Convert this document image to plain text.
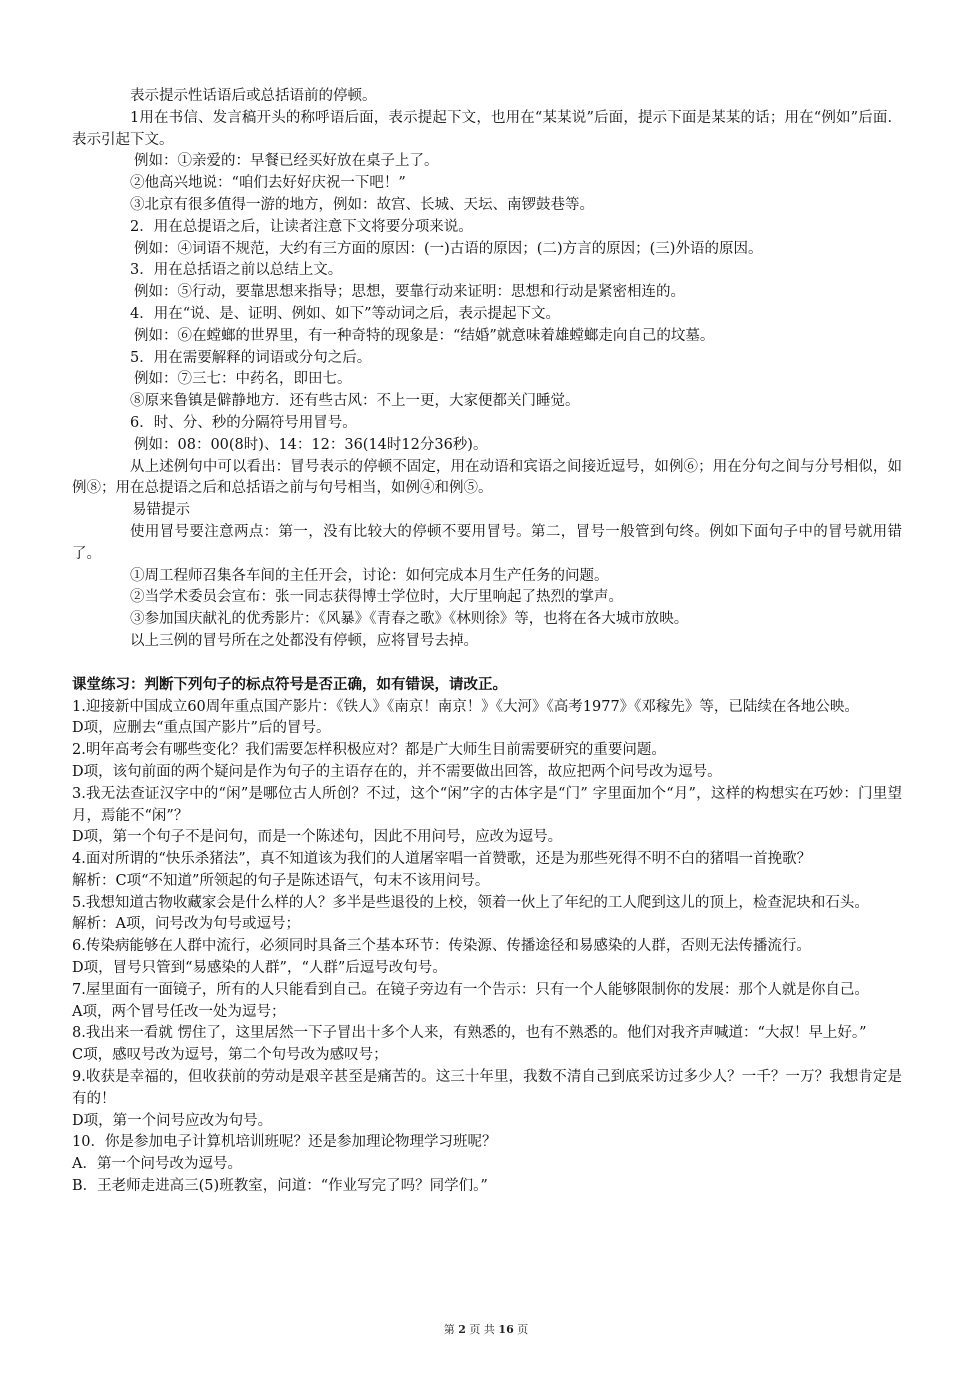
表示提示性话语后或总括语前的停顿。
1用在书信、发言稿开头的称呼语后面，表示提起下文，也用在“某某说”后面，提示下面是某某的话；用在“例如”后面．表示引起下文。
例如：①亲爱的：早餐已经买好放在桌子上了。
②他高兴地说：“咱们去好好庆祝一下吧！”
③北京有很多值得一游的地方，例如：故宫、长城、天坛、南锣鼓巷等。
2．用在总提语之后，让读者注意下文将要分项来说。
例如：④词语不规范，大约有三方面的原因：(一)古语的原因；(二)方言的原因；(三)外语的原因。
3．用在总括语之前以总结上文。
例如：⑤行动，要靠思想来指导；思想，要靠行动来证明：思想和行动是紧密相连的。
4．用在“说、是、证明、例如、如下”等动词之后，表示提起下文。
例如：⑥在螳螂的世界里，有一种奇特的现象是：“结婚”就意味着雄螳螂走向自己的坟墓。
5．用在需要解释的词语或分句之后。
例如：⑦三七：中药名，即田七。
⑧原来鲁镇是僻静地方．还有些古风：不上一更，大家便都关门睡觉。
6．时、分、秒的分隔符号用冒号。
例如：08：00(8时)、14：12：36(14时12分36秒)。
从上述例句中可以看出：冒号表示的停顿不固定，用在动语和宾语之间接近逗号，如例⑥；用在分句之间与分号相似，如例⑧；用在总提语之后和总括语之前与句号相当，如例④和例⑤。
易错提示
使用冒号要注意两点：第一，没有比较大的停顿不要用冒号。第二，冒号一般管到句终。例如下面句子中的冒号就用错了。
①周工程师召集各车间的主任开会，讨论：如何完成本月生产任务的问题。
②当学术委员会宣布：张一同志获得博士学位时，大厅里响起了热烈的掌声。
③参加国庆献礼的优秀影片：《风暴》《青春之歌》《林则徐》等，也将在各大城市放映。
以上三例的冒号所在之处都没有停顿，应将冒号去掉。
课堂练习：判断下列句子的标点符号是否正确，如有错误，请改正。
1.迎接新中国成立60周年重点国产影片：《铁人》《南京！南京！》《大河》《高考1977》《邓稼先》等，已陆续在各地公映。
D项，应删去“重点国产影片”后的冒号。
2.明年高考会有哪些变化？我们需要怎样积极应对？都是广大师生目前需要研究的重要问题。
D项，该句前面的两个疑问是作为句子的主语存在的，并不需要做出回答，故应把两个问号改为逗号。
3.我无法查证汉字中的“闲”是哪位古人所创？不过，这个“闲”字的古体字是“门” 字里面加个“月”，这样的构想实在巧妙：门里望月，焉能不“闲”？
D项，第一个句子不是问句，而是一个陈述句，因此不用问号，应改为逗号。
4.面对所谓的“快乐杀猪法”，真不知道该为我们的人道屠宰唱一首赞歌，还是为那些死得不明不白的猪唱一首挽歌？
解析：C项“不知道”所领起的句子是陈述语气，句末不该用问号。
5.我想知道古物收藏家会是什么样的人？多半是些退役的上校，领着一伙上了年纪的工人爬到这儿的顶上，检查泥块和石头。
解析：A项，问号改为句号或逗号；
6.传染病能够在人群中流行，必须同时具备三个基本环节：传染源、传播途径和易感染的人群，否则无法传播流行。
D项，冒号只管到“易感染的人群”，“人群”后逗号改句号。
7.屋里面有一面镜子，所有的人只能看到自己。在镜子旁边有一个告示：只有一个人能够限制你的发展：那个人就是你自己。
A项，两个冒号任改一处为逗号；
8.我出来一看就 愣住了，这里居然一下子冒出十多个人来，有熟悉的，也有不熟悉的。他们对我齐声喊道：“大叔！早上好。”
C项，感叹号改为逗号，第二个句号改为感叹号；
9.收获是幸福的，但收获前的劳动是艰辛甚至是痛苦的。这三十年里，我数不清自己到底采访过多少人？一千？一万？我想肯定是有的！
D项，第一个问号应改为句号。
10．你是参加电子计算机培训班呢？还是参加理论物理学习班呢？
A．第一个问号改为逗号。
B．王老师走进高三(5)班教室，问道：“作业写完了吗？同学们。”
第 2 页 共 16 页
